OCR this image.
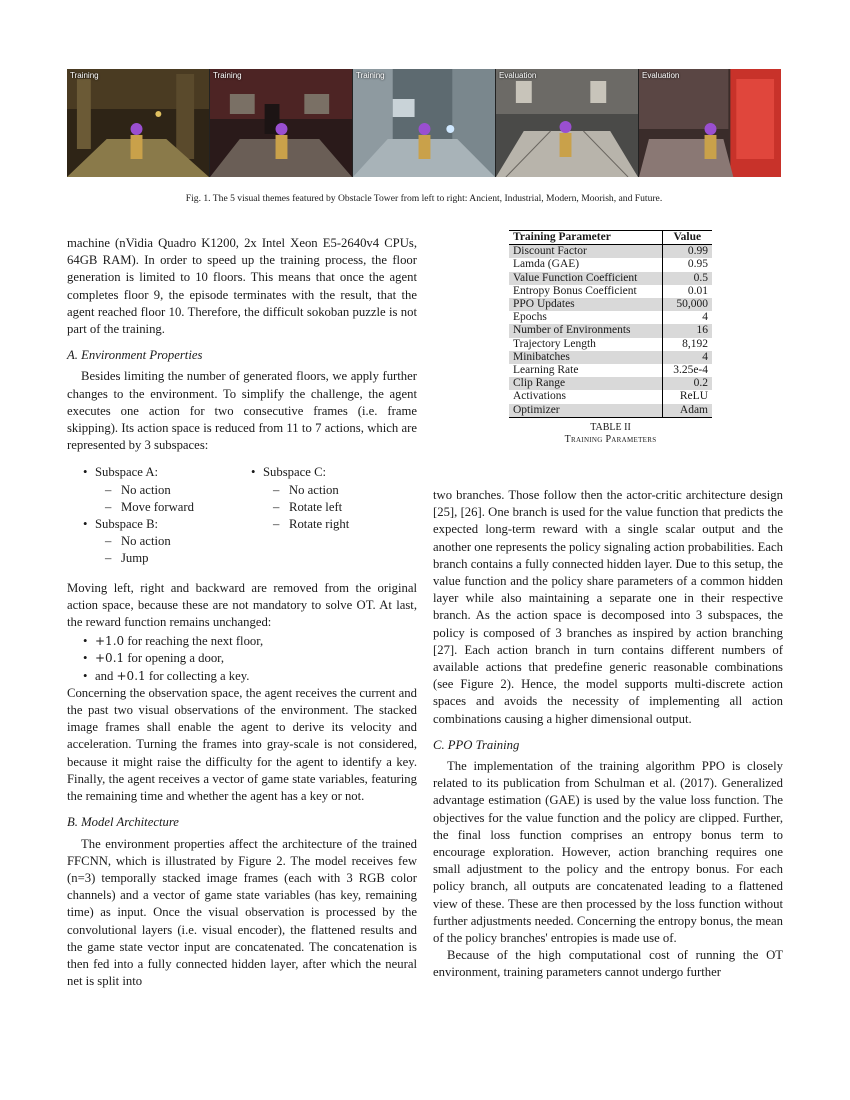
Training	Training	Training	Evaluation	Evaluation
Fig. 1. The 5 visual themes featured by Obstacle Tower from left to right: Ancient, Industrial, Modern, Moorish, and Future.

machine (nVidia Quadro K1200, 2x Intel Xeon E5-2640v4 CPUs, 64GB RAM). In order to speed up the training process, the floor generation is limited to 10 floors. This means that once the agent completes floor 9, the episode terminates with the result, that the agent reached floor 10. Therefore, the difficult sokoban puzzle is not part of the training.

A. Environment Properties

Besides limiting the number of generated floors, we apply further changes to the environment. To simplify the challenge, the agent executes one action for two consecutive frames (i.e. frame skipping). Its action space is reduced from 11 to 7 actions, which are represented by 3 subspaces:

• Subspace A:
– No action
– Move forward
• Subspace B:
– No action
– Jump
• Subspace C:
– No action
– Rotate left
– Rotate right

Moving left, right and backward are removed from the original action space, because these are not mandatory to solve OT. At last, the reward function remains unchanged:

• +1.0 for reaching the next floor,
• +0.1 for opening a door,
• and +0.1 for collecting a key.

Concerning the observation space, the agent receives the current and the past two visual observations of the environment. The stacked image frames shall enable the agent to derive its velocity and acceleration. Turning the frames into gray-scale is not considered, because it might raise the difficulty for the agent to identify a key. Finally, the agent receives a vector of game state variables, featuring the remaining time and whether the agent has a key or not.

B. Model Architecture

The environment properties affect the architecture of the trained FFCNN, which is illustrated by Figure 2. The model receives few (n=3) temporally stacked image frames (each with 3 RGB color channels) and a vector of game state variables (has key, remaining time) as input. Once the visual observation is processed by the convolutional layers (i.e. visual encoder), the flattened results and the game state vector input are concatenated. The concatenation is then fed into a fully connected hidden layer, after which the neural net is split into

Training Parameter	Value
Discount Factor	0.99
Lamda (GAE)	0.95
Value Function Coefficient	0.5
Entropy Bonus Coefficient	0.01
PPO Updates	50,000
Epochs	4
Number of Environments	16
Trajectory Length	8,192
Minibatches	4
Learning Rate	3.25e-4
Clip Range	0.2
Activations	ReLU
Optimizer	Adam
TABLE II
Training Parameters

two branches. Those follow then the actor-critic architecture design [25], [26]. One branch is used for the value function that predicts the expected long-term reward with a single scalar output and the another one represents the policy signaling action probabilities. Each branch contains a fully connected hidden layer. Due to this setup, the value function and the policy share parameters of a common hidden layer while also maintaining a separate one in their respective branch. As the action space is decomposed into 3 subspaces, the policy is composed of 3 branches as inspired by action branching [27]. Each action branch in turn contains different numbers of available actions that predefine generic reasonable combinations (see Figure 2). Hence, the model supports multi-discrete action spaces and avoids the necessity of implementing all action combinations causing a higher dimensional output.

C. PPO Training

The implementation of the training algorithm PPO is closely related to its publication from Schulman et al. (2017). Generalized advantage estimation (GAE) is used by the value loss function. The objectives for the value function and the policy are clipped. Further, the final loss function comprises an entropy bonus term to encourage exploration. However, action branching requires one small adjustment to the policy and the entropy bonus. For each policy branch, all outputs are concatenated leading to a flattened view of these. These are then processed by the loss function without further adjustments needed. Concerning the entropy bonus, the mean of the policy branches' entropies is made use of.

Because of the high computational cost of running the OT environment, training parameters cannot undergo further
